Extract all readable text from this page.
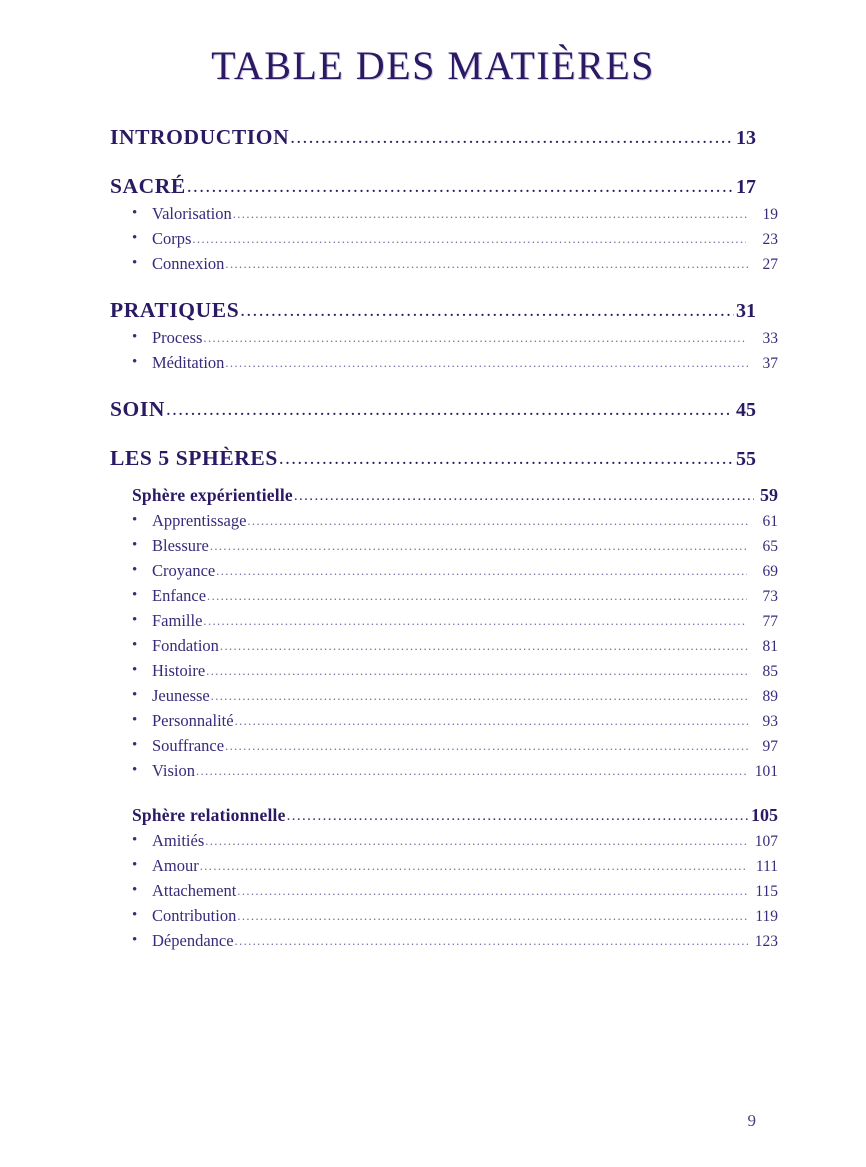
TABLE DES MATIÈRES
INTRODUCTION .....	13
SACRÉ .....	17
• Valorisation .....	19
• Corps .....	23
• Connexion .....	27
PRATIQUES .....	31
• Process .....	33
• Méditation .....	37
SOIN .....	45
LES 5 SPHÈRES .....	55
Sphère expérientielle .....	59
• Apprentissage .....	61
• Blessure .....	65
• Croyance .....	69
• Enfance .....	73
• Famille .....	77
• Fondation .....	81
• Histoire .....	85
• Jeunesse .....	89
• Personnalité .....	93
• Souffrance .....	97
• Vision .....	101
Sphère relationnelle .....	105
• Amitiés .....	107
• Amour .....	111
• Attachement .....	115
• Contribution .....	119
• Dépendance .....	123
9
